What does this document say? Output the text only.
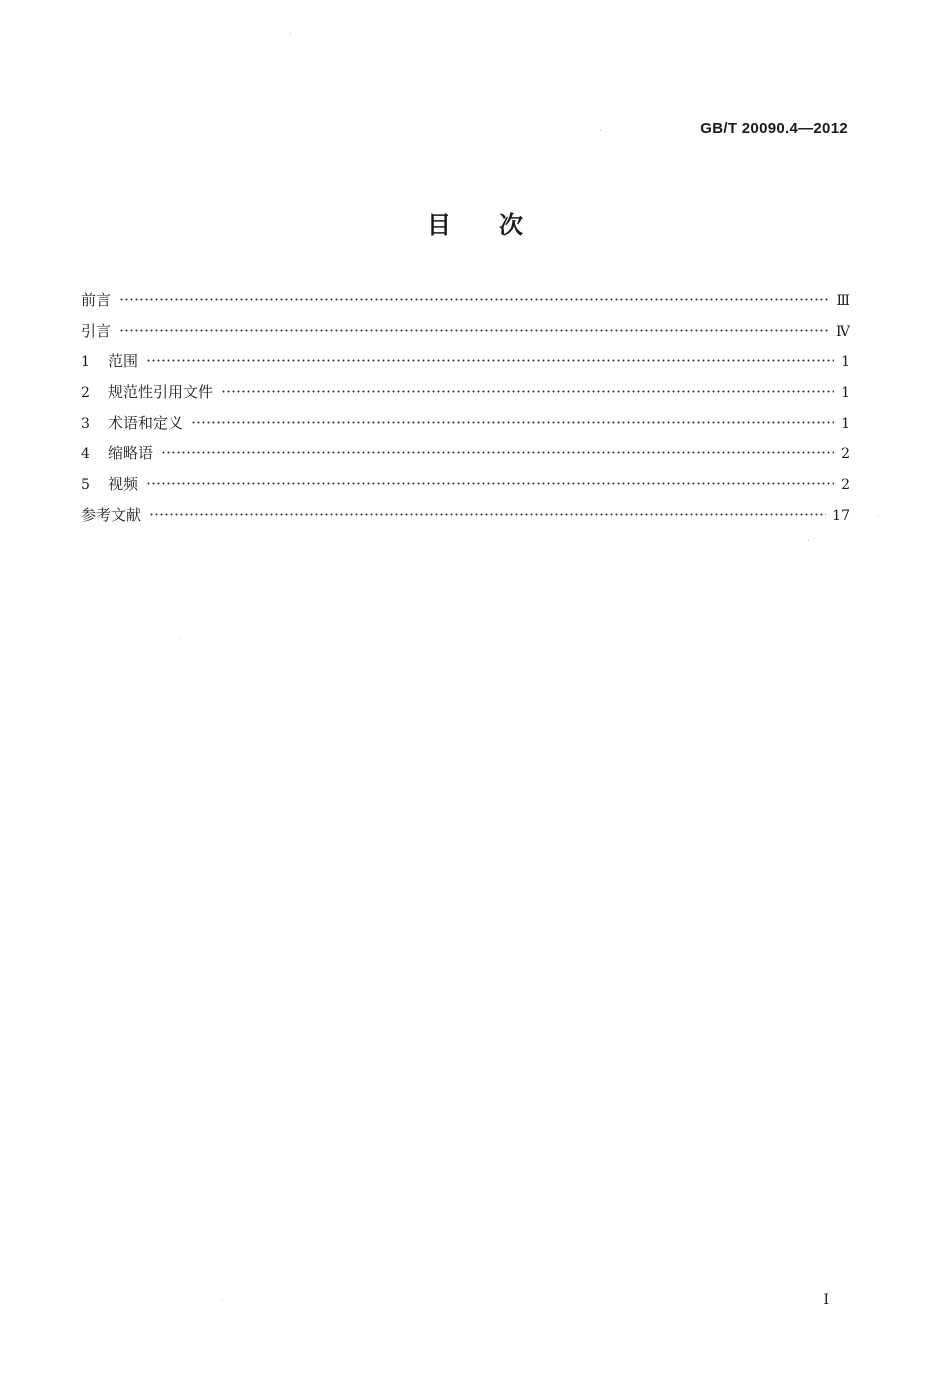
GB/T 20090.4—2012
目 次
前言	Ⅲ
引言	Ⅳ
1	范围	1
2	规范性引用文件	1
3	术语和定义	1
4	缩略语	2
5	视频	2
参考文献	17
I
